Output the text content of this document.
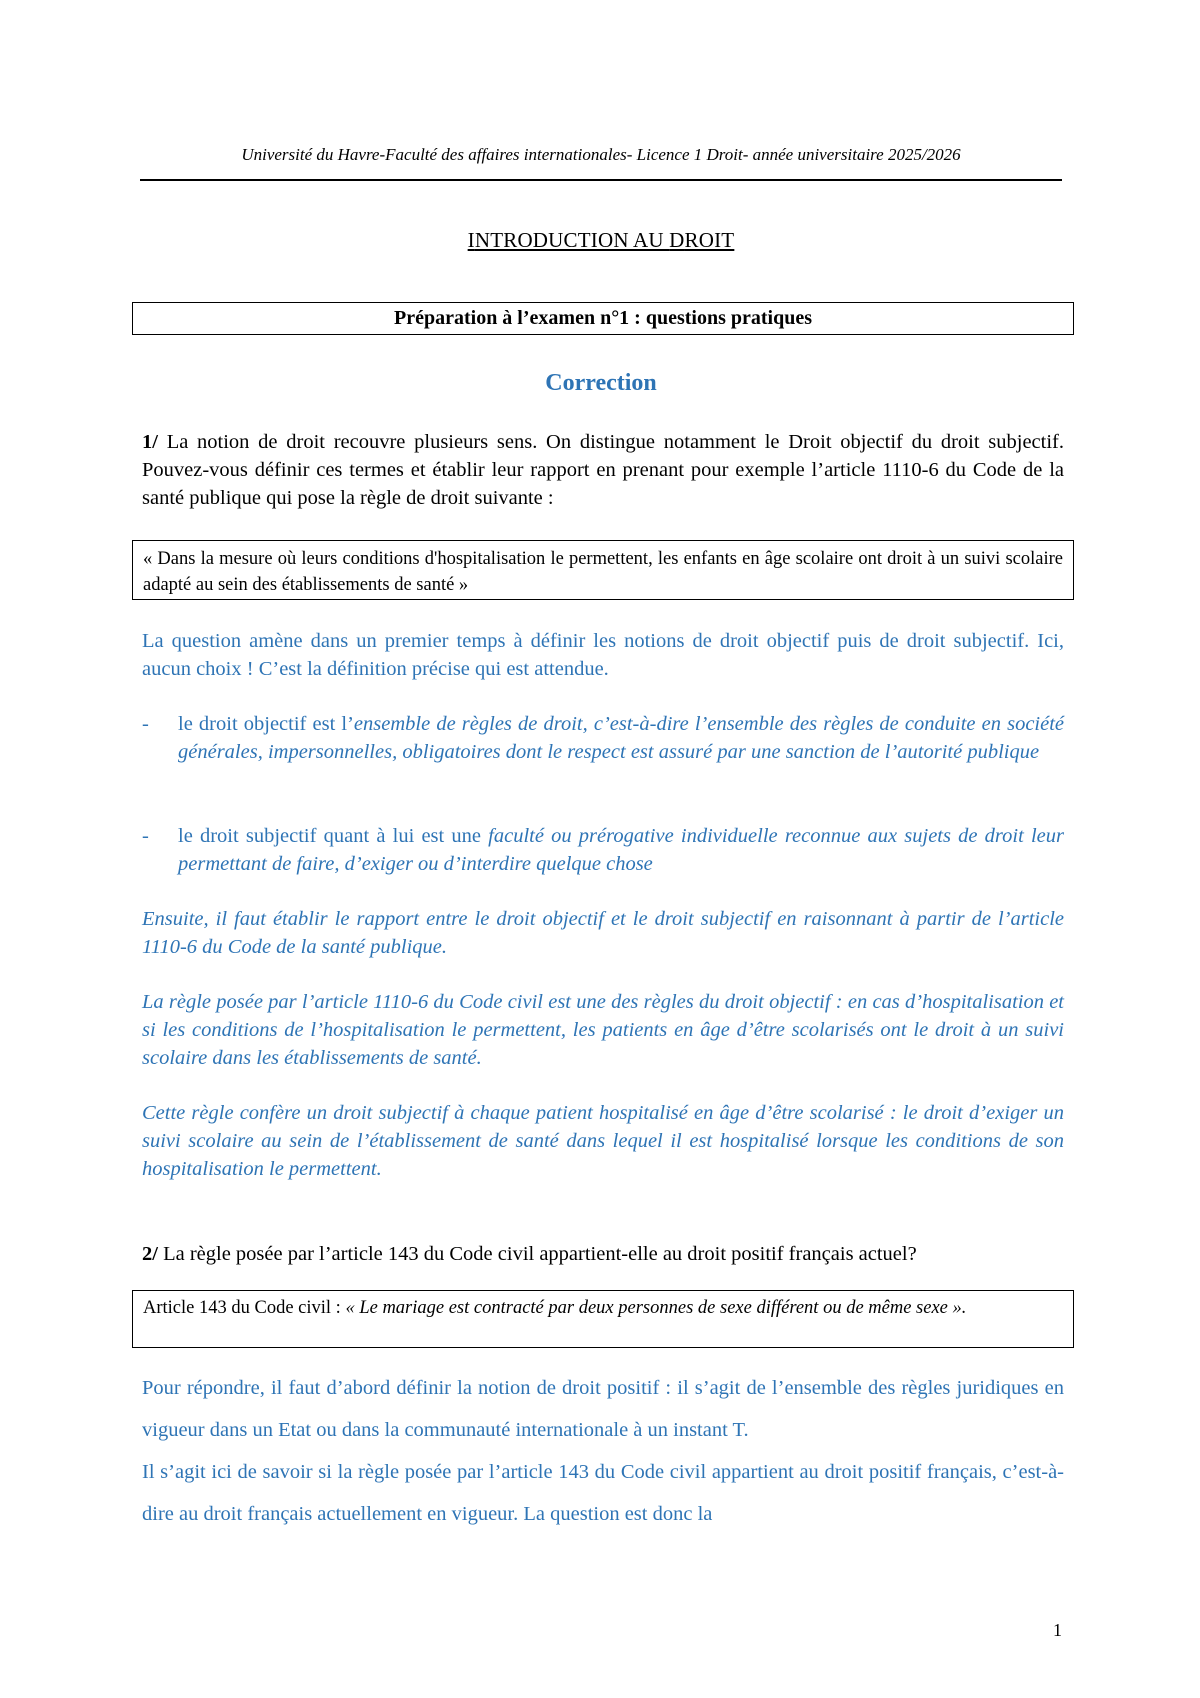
Université du Havre-Faculté des affaires internationales- Licence 1 Droit- année universitaire 2025/2026
INTRODUCTION AU DROIT
Préparation à l’examen n°1 : questions pratiques
Correction
1/ La notion de droit recouvre plusieurs sens. On distingue notamment le Droit objectif du droit subjectif. Pouvez-vous définir ces termes et établir leur rapport en prenant pour exemple l’article 1110-6 du Code de la santé publique qui pose la règle de droit suivante :
« Dans la mesure où leurs conditions d'hospitalisation le permettent, les enfants en âge scolaire ont droit à un suivi scolaire adapté au sein des établissements de santé »
La question amène dans un premier temps à définir les notions de droit objectif puis de droit subjectif. Ici, aucun choix ! C’est la définition précise qui est attendue.
- le droit objectif est l’ensemble de règles de droit, c’est-à-dire l’ensemble des règles de conduite en société générales, impersonnelles, obligatoires dont le respect est assuré par une sanction de l’autorité publique
- le droit subjectif quant à lui est une faculté ou prérogative individuelle reconnue aux sujets de droit leur permettant de faire, d’exiger ou d’interdire quelque chose
Ensuite, il faut établir le rapport entre le droit objectif et le droit subjectif en raisonnant à partir de l’article 1110-6 du Code de la santé publique.
La règle posée par l’article 1110-6 du Code civil est une des règles du droit objectif : en cas d’hospitalisation et si les conditions de l’hospitalisation le permettent, les patients en âge d’être scolarisés ont le droit à un suivi scolaire dans les établissements de santé.
Cette règle confère un droit subjectif à chaque patient hospitalisé en âge d’être scolarisé : le droit d’exiger un suivi scolaire au sein de l’établissement de santé dans lequel il est hospitalisé lorsque les conditions de son hospitalisation le permettent.
2/ La règle posée par l’article 143 du Code civil appartient-elle au droit positif français actuel?
Article 143 du Code civil : « Le mariage est contracté par deux personnes de sexe différent ou de même sexe ».
Pour répondre, il faut d’abord définir la notion de droit positif : il s’agit de l’ensemble des règles juridiques en vigueur dans un Etat ou dans la communauté internationale à un instant T.
Il s’agit ici de savoir si la règle posée par l’article 143 du Code civil appartient au droit positif français, c’est-à-dire au droit français actuellement en vigueur. La question est donc la
1
